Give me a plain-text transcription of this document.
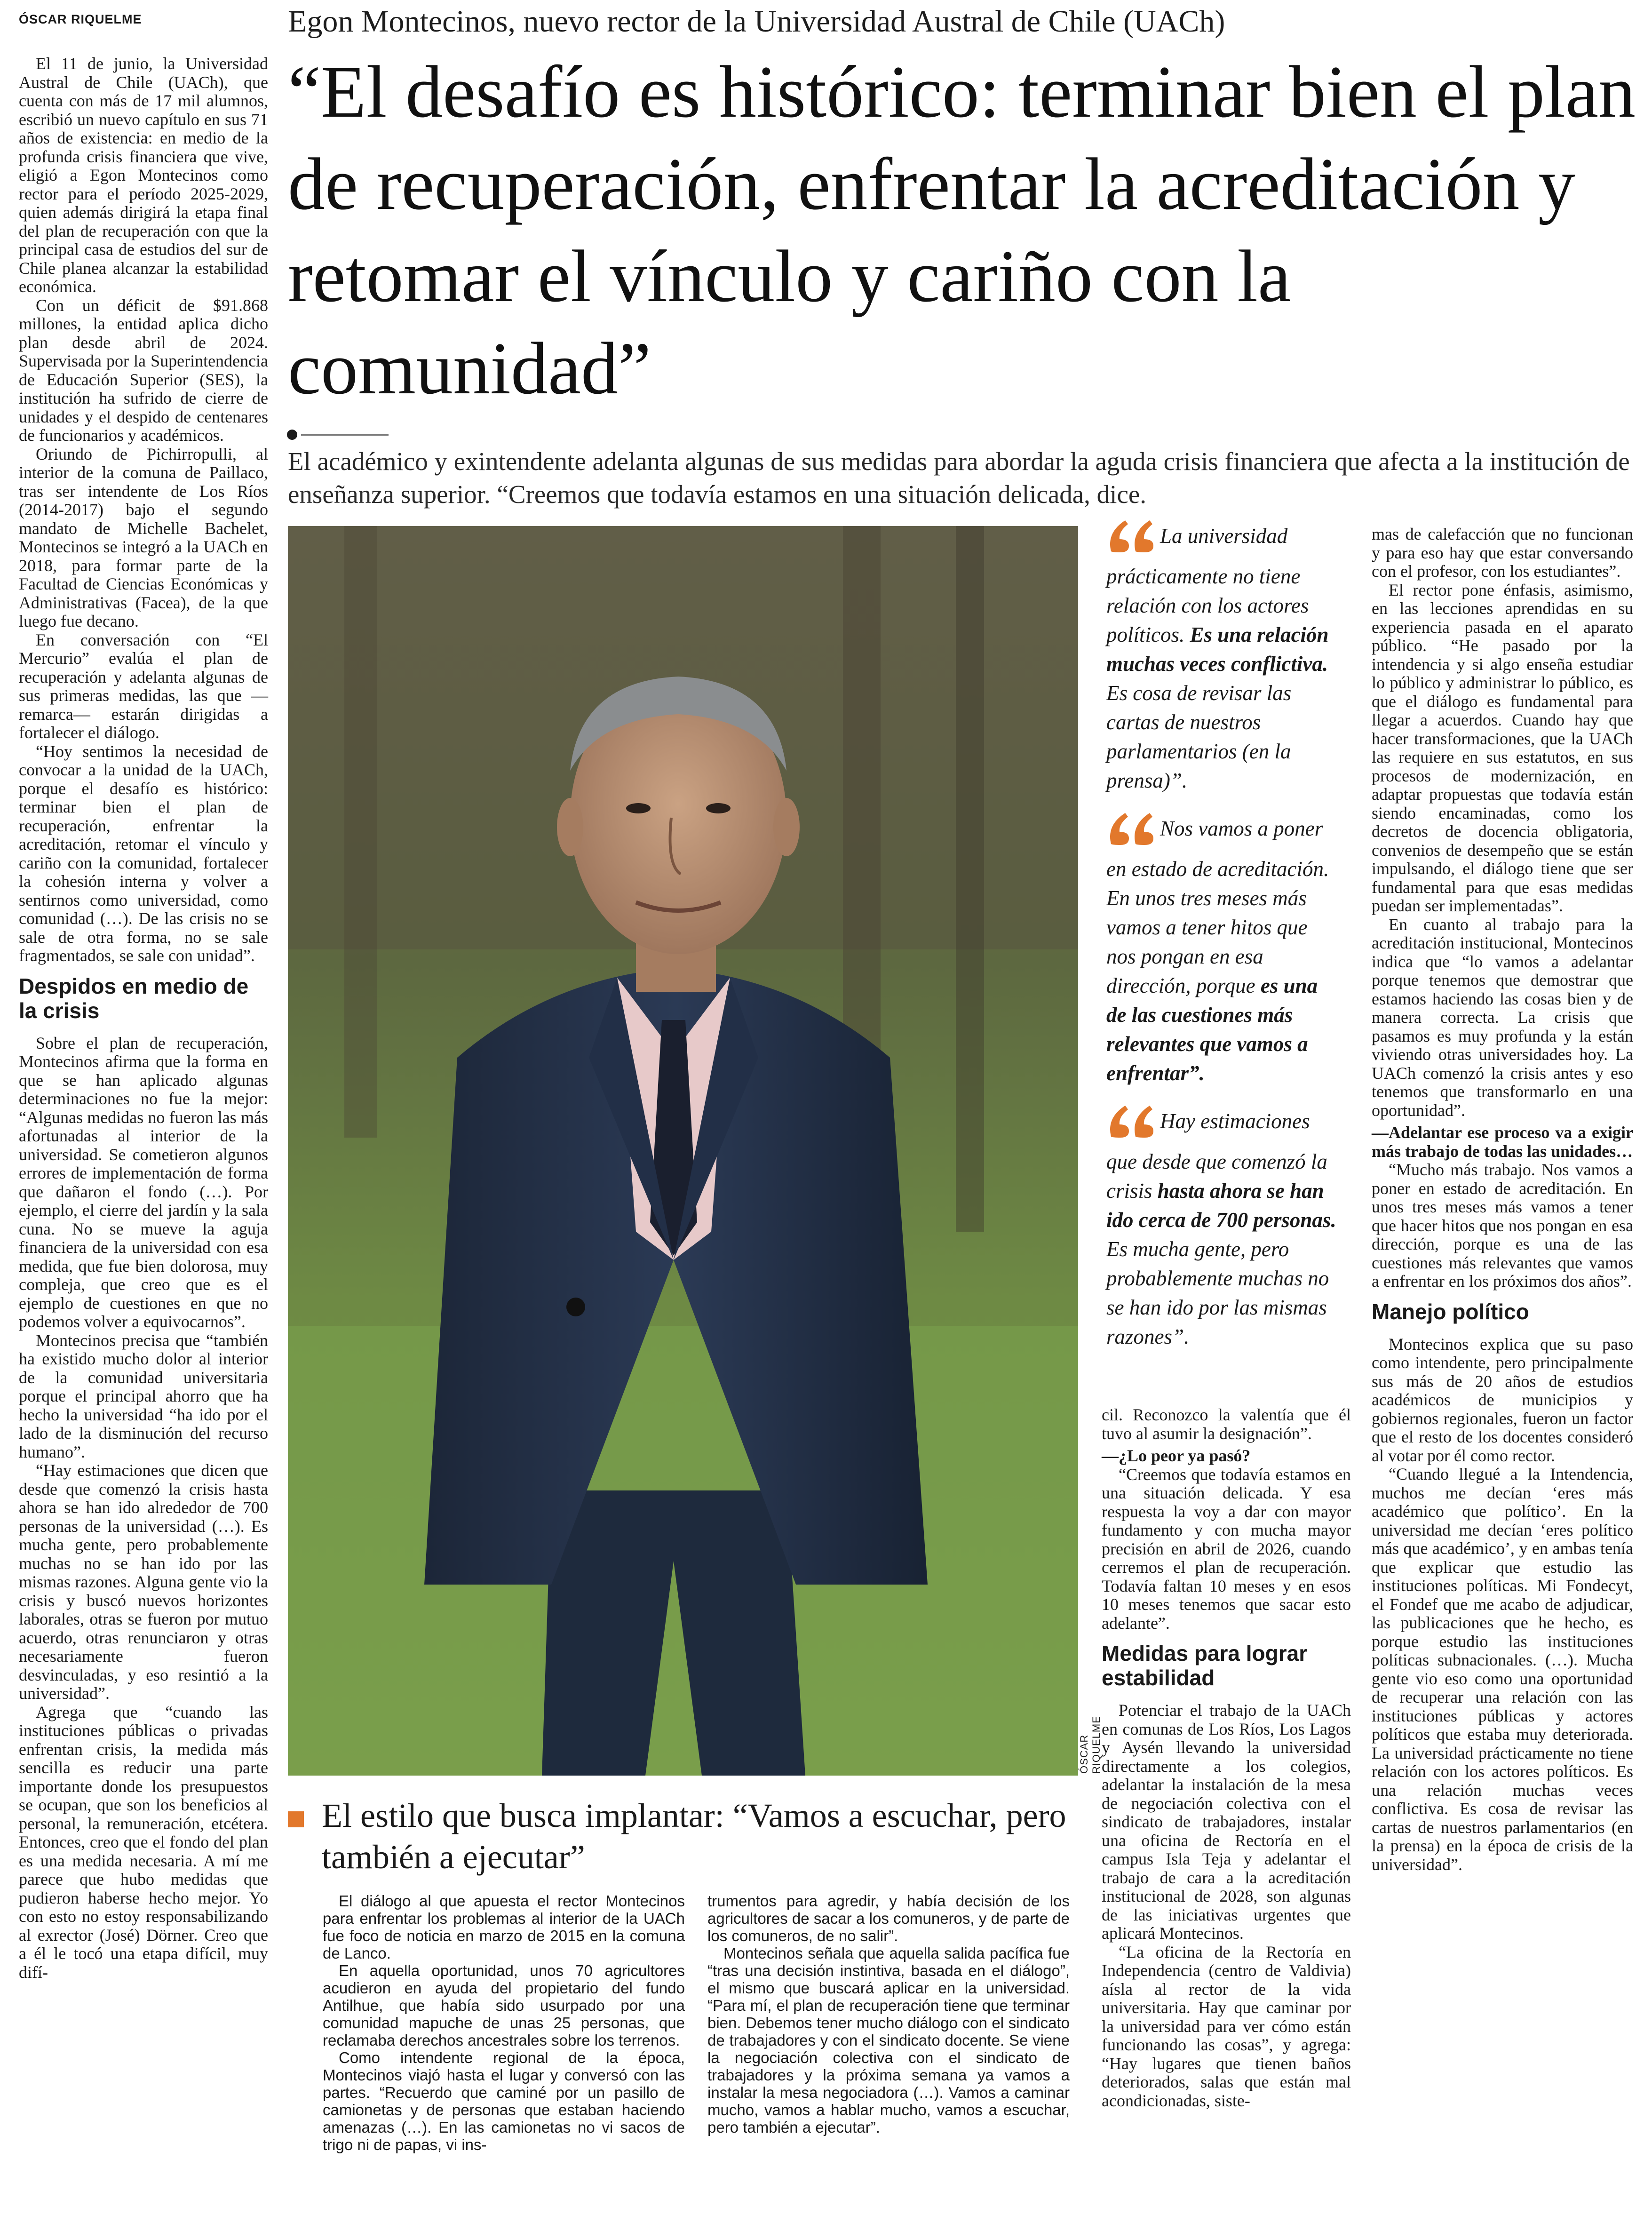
ÓSCAR RIQUELME	Egon Montecinos, nuevo rector de la Universidad Austral de Chile (UACh)
“El desafío es histórico: terminar bien el plan de recuperación, enfrentar la acreditación y retomar el vínculo y cariño con la comunidad”
El académico y exintendente adelanta algunas de sus medidas para abordar la aguda crisis financiera que afecta a la institución de enseñanza superior. “Creemos que todavía estamos en una situación delicada, dice.

El 11 de junio, la Universidad Austral de Chile (UACh), que cuenta con más de 17 mil alumnos, escribió un nuevo capítulo en sus 71 años de existencia: en medio de la profunda crisis financiera que vive, eligió a Egon Montecinos como rector para el período 2025-2029, quien además dirigirá la etapa final del plan de recuperación con que la principal casa de estudios del sur de Chile planea alcanzar la estabilidad económica.

Con un déficit de $91.868 millones, la entidad aplica dicho plan desde abril de 2024. Supervisada por la Superintendencia de Educación Superior (SES), la institución ha sufrido de cierre de unidades y el despido de centenares de funcionarios y académicos.

Oriundo de Pichirropulli, al interior de la comuna de Paillaco, tras ser intendente de Los Ríos (2014-2017) bajo el segundo mandato de Michelle Bachelet, Montecinos se integró a la UACh en 2018, para formar parte de la Facultad de Ciencias Económicas y Administrativas (Facea), de la que luego fue decano.

En conversación con “El Mercurio” evalúa el plan de recuperación y adelanta algunas de sus primeras medidas, las que —remarca— estarán dirigidas a fortalecer el diálogo.

“Hoy sentimos la necesidad de convocar a la unidad de la UACh, porque el desafío es histórico: terminar bien el plan de recuperación, enfrentar la acreditación, retomar el vínculo y cariño con la comunidad, fortalecer la cohesión interna y volver a sentirnos como universidad, como comunidad (…). De las crisis no se sale de otra forma, no se sale fragmentados, se sale con unidad”.

Despidos en medio de la crisis

Sobre el plan de recuperación, Montecinos afirma que la forma en que se han aplicado algunas determinaciones no fue la mejor: “Algunas medidas no fueron las más afortunadas al interior de la universidad. Se cometieron algunos errores de implementación de forma que dañaron el fondo (…). Por ejemplo, el cierre del jardín y la sala cuna. No se mueve la aguja financiera de la universidad con esa medida, que fue bien dolorosa, muy compleja, que creo que es el ejemplo de cuestiones en que no podemos volver a equivocarnos”.

Montecinos precisa que “también ha existido mucho dolor al interior de la comunidad universitaria porque el principal ahorro que ha hecho la universidad “ha ido por el lado de la disminución del recurso humano”.

“Hay estimaciones que dicen que desde que comenzó la crisis hasta ahora se han ido alrededor de 700 personas de la universidad (…). Es mucha gente, pero probablemente muchas no se han ido por las mismas razones. Alguna gente vio la crisis y buscó nuevos horizontes laborales, otras se fueron por mutuo acuerdo, otras renunciaron y otras necesariamente fueron desvinculadas, y eso resintió a la universidad”.

Agrega que “cuando las instituciones públicas o privadas enfrentan crisis, la medida más sencilla es reducir una parte importante donde los presupuestos se ocupan, que son los beneficios al personal, la remuneración, etcétera. Entonces, creo que el fondo del plan es una medida necesaria. A mí me parece que hubo medidas que pudieron haberse hecho mejor. Yo con esto no estoy responsabilizando al exrector (José) Dörner. Creo que a él le tocó una etapa difícil, muy difí-

ÓSCAR RIQUELME
La universidad prácticamente no tiene relación con los actores políticos. Es una relación muchas veces conflictiva. Es cosa de revisar las cartas de nuestros parlamentarios (en la prensa)”.
Nos vamos a poner en estado de acreditación. En unos tres meses más vamos a tener hitos que nos pongan en esa dirección, porque es una de las cuestiones más relevantes que vamos a enfrentar”.
Hay estimaciones que desde que comenzó la crisis hasta ahora se han ido cerca de 700 personas. Es mucha gente, pero probablemente muchas no se han ido por las mismas razones”.

cil. Reconozco la valentía que él tuvo al asumir la designación”.

—¿Lo peor ya pasó?

“Creemos que todavía estamos en una situación delicada. Y esa respuesta la voy a dar con mayor fundamento y con mucha mayor precisión en abril de 2026, cuando cerremos el plan de recuperación. Todavía faltan 10 meses y en esos 10 meses tenemos que sacar esto adelante”.

Medidas para lograr estabilidad

Potenciar el trabajo de la UACh en comunas de Los Ríos, Los Lagos y Aysén llevando la universidad directamente a los colegios, adelantar la instalación de la mesa de negociación colectiva con el sindicato de trabajadores, instalar una oficina de Rectoría en el campus Isla Teja y adelantar el trabajo de cara a la acreditación institucional de 2028, son algunas de las iniciativas urgentes que aplicará Montecinos.

“La oficina de la Rectoría en Independencia (centro de Valdivia) aísla al rector de la vida universitaria. Hay que caminar por la universidad para ver cómo están funcionando las cosas”, y agrega: “Hay lugares que tienen baños deteriorados, salas que están mal acondicionadas, siste-

mas de calefacción que no funcionan y para eso hay que estar conversando con el profesor, con los estudiantes”.

El rector pone énfasis, asimismo, en las lecciones aprendidas en su experiencia pasada en el aparato público. “He pasado por la intendencia y si algo enseña estudiar lo público y administrar lo público, es que el diálogo es fundamental para llegar a acuerdos. Cuando hay que hacer transformaciones, que la UACh las requiere en sus estatutos, en sus procesos de modernización, en adaptar propuestas que todavía están siendo encaminadas, como los decretos de docencia obligatoria, convenios de desempeño que se están impulsando, el diálogo tiene que ser fundamental para que esas medidas puedan ser implementadas”.

En cuanto al trabajo para la acreditación institucional, Montecinos indica que “lo vamos a adelantar porque tenemos que demostrar que estamos haciendo las cosas bien y de manera correcta. La crisis que pasamos es muy profunda y la están viviendo otras universidades hoy. La UACh comenzó la crisis antes y eso tenemos que transformarlo en una oportunidad”.

—Adelantar ese proceso va a exigir más trabajo de todas las unidades…

“Mucho más trabajo. Nos vamos a poner en estado de acreditación. En unos tres meses más vamos a tener que hacer hitos que nos pongan en esa dirección, porque es una de las cuestiones más relevantes que vamos a enfrentar en los próximos dos años”.

Manejo político

Montecinos explica que su paso como intendente, pero principalmente sus más de 20 años de estudios académicos de municipios y gobiernos regionales, fueron un factor que el resto de los docentes consideró al votar por él como rector.

“Cuando llegué a la Intendencia, muchos me decían ‘eres más académico que político’. En la universidad me decían ‘eres político más que académico’, y en ambas tenía que explicar que estudio las instituciones políticas. Mi Fondecyt, el Fondef que me acabo de adjudicar, las publicaciones que he hecho, es porque estudio las instituciones políticas subnacionales. (…). Mucha gente vio eso como una oportunidad de recuperar una relación con las instituciones públicas y actores políticos que estaba muy deteriorada. La universidad prácticamente no tiene relación con los actores políticos. Es una relación muchas veces conflictiva. Es cosa de revisar las cartas de nuestros parlamentarios (en la prensa) en la época de crisis de la universidad”.

El estilo que busca implantar: “Vamos a escuchar, pero también a ejecutar”

El diálogo al que apuesta el rector Montecinos para enfrentar los problemas al interior de la UACh fue foco de noticia en marzo de 2015 en la comuna de Lanco.

En aquella oportunidad, unos 70 agricultores acudieron en ayuda del propietario del fundo Antilhue, que había sido usurpado por una comunidad mapuche de unas 25 personas, que reclamaba derechos ancestrales sobre los terrenos.

Como intendente regional de la época, Montecinos viajó hasta el lugar y conversó con las partes. “Recuerdo que caminé por un pasillo de camionetas y de personas que estaban haciendo amenazas (…). En las camionetas no vi sacos de trigo ni de papas, vi ins-

trumentos para agredir, y había decisión de los agricultores de sacar a los comuneros, y de parte de los comuneros, de no salir”.

Montecinos señala que aquella salida pacífica fue “tras una decisión instintiva, basada en el diálogo”, el mismo que buscará aplicar en la universidad. “Para mí, el plan de recuperación tiene que terminar bien. Debemos tener mucho diálogo con el sindicato de trabajadores y con el sindicato docente. Se viene la negociación colectiva con el sindicato de trabajadores y la próxima semana ya vamos a instalar la mesa negociadora (…). Vamos a caminar mucho, vamos a hablar mucho, vamos a escuchar, pero también a ejecutar”.
